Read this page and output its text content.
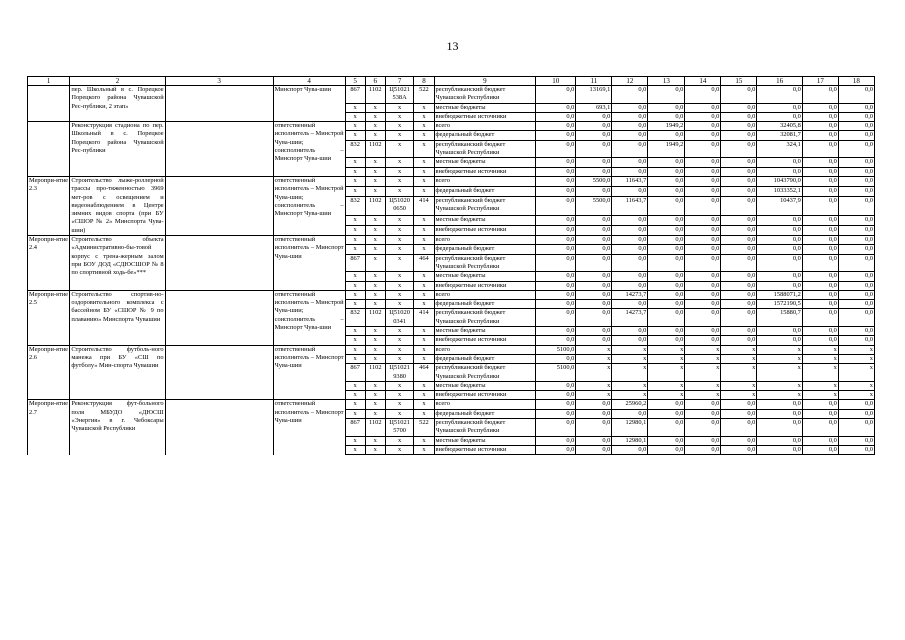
13
1	2	3	4	5	6	7	8	9	10	11	12	13	14	15	16	17	18
	пер. Школьный в с. Порецкое Порецкого района Чувашской Рес-публики, 2 этап»		Минспорт Чува-шии	867	1102	Ц51021 538А	522	республиканский бюджет Чувашской Республики	0,0	13169,1	0,0	0,0	0,0	0,0	0,0	0,0	0,0
				x	x	x	x	местные бюджеты	0,0	693,1	0,0	0,0	0,0	0,0	0,0	0,0	0,0
				x	x	x	x	внебюджетные источники	0,0	0,0	0,0	0,0	0,0	0,0	0,0	0,0	0,0
	Реконструкция стадиона по пер. Школьный в с. Порецкое Порецкого района Чувашской Рес-публики		ответственный исполнитель – Минстрой Чува-шии; соисполнитель – Минспорт Чува-шии	x	x	x	x	всего	0,0	0,0	0,0	1949,2	0,0	0,0	32405,8	0,0	0,0
				x	x	x	x	федеральный бюджет	0,0	0,0	0,0	0,0	0,0	0,0	32081,7	0,0	0,0
				832	1102	x	x	республиканский бюджет Чувашской Республики	0,0	0,0	0,0	1949,2	0,0	0,0	324,1	0,0	0,0
				x	x	x	x	местные бюджеты	0,0	0,0	0,0	0,0	0,0	0,0	0,0	0,0	0,0
				x	x	x	x	внебюджетные источники	0,0	0,0	0,0	0,0	0,0	0,0	0,0	0,0	0,0
Меропри-ятие 2.3	Строительство лыже-роллерной трассы про-тяженностью 3969 мет-ров с освещением и видеонаблюдением в Центре зимних видов спорта (при БУ «СШОР № 2» Минспорта Чува-шии)		ответственный исполнитель – Минстрой Чува-шии; соисполнитель – Минспорт Чува-шии	x	x	x	x	всего	0,0	5500,0	11643,7	0,0	0,0	0,0	1043790,0	0,0	0,0
				x	x	x	x	федеральный бюджет	0,0	0,0	0,0	0,0	0,0	0,0	1033352,1	0,0	0,0
				832	1102	Ц51020 0650	414	республиканский бюджет Чувашской Республики	0,0	5500,0	11643,7	0,0	0,0	0,0	10437,9	0,0	0,0
				x	x	x	x	местные бюджеты	0,0	0,0	0,0	0,0	0,0	0,0	0,0	0,0	0,0
				x	x	x	x	внебюджетные источники	0,0	0,0	0,0	0,0	0,0	0,0	0,0	0,0	0,0
Меропри-ятие 2.4	Строительство объекта «Административно-бы-товой корпус с трена-жерным залом при БОУ ДОД «СДЮСШОР № 8 по спортивной ходь-бе»***		ответственный исполнитель – Минспорт Чува-шии	x	x	x	x	всего	0,0	0,0	0,0	0,0	0,0	0,0	0,0	0,0	0,0
				x	x	x	x	федеральный бюджет	0,0	0,0	0,0	0,0	0,0	0,0	0,0	0,0	0,0
				867	x	x	464	республиканский бюджет Чувашской Республики	0,0	0,0	0,0	0,0	0,0	0,0	0,0	0,0	0,0
				x	x	x	x	местные бюджеты	0,0	0,0	0,0	0,0	0,0	0,0	0,0	0,0	0,0
				x	x	x	x	внебюджетные источники	0,0	0,0	0,0	0,0	0,0	0,0	0,0	0,0	0,0
Меропри-ятие 2.5	Строительство спортив-но-оздоровительного комплекса с бассейном БУ «СШОР № 9 по плаванию» Минспорта Чувашии		ответственный исполнитель – Минстрой Чува-шии; соисполнитель – Минспорт Чува-шии	x	x	x	x	всего	0,0	0,0	14273,7	0,0	0,0	0,0	1588071,2	0,0	0,0
				x	x	x	x	федеральный бюджет	0,0	0,0	0,0	0,0	0,0	0,0	1572190,5	0,0	0,0
				832	1102	Ц51020 0341	414	республиканский бюджет Чувашской Республики	0,0	0,0	14273,7	0,0	0,0	0,0	15880,7	0,0	0,0
				x	x	x	x	местные бюджеты	0,0	0,0	0,0	0,0	0,0	0,0	0,0	0,0	0,0
				x	x	x	x	внебюджетные источники	0,0	0,0	0,0	0,0	0,0	0,0	0,0	0,0	0,0
Меропри-ятие 2.6	Строительство футболь-ного манежа при БУ «СШ по футболу» Мин-спорта Чувашии		ответственный исполнитель – Минспорт Чува-шии	x	x	x	x	всего	5100,0	x	x	x	x	x	x	x	x
				x	x	x	x	федеральный бюджет	0,0	x	x	x	x	x	x	x	x
				867	1102	Ц51021 9380	464	республиканский бюджет Чувашской Республики	5100,0	x	x	x	x	x	x	x	x
				x	x	x	x	местные бюджеты	0,0	x	x	x	x	x	x	x	x
				x	x	x	x	внебюджетные источники	0,0	x	x	x	x	x	x	x	x
Меропри-ятие 2.7	Реконструкция фут-больного поля МБУДО «ДЮСШ «Энергия» в г. Чебоксары Чувашской Республики		ответственный исполнитель – Минспорт Чува-шии	x	x	x	x	всего	0,0	0,0	25960,2	0,0	0,0	0,0	0,0	0,0	0,0
				x	x	x	x	федеральный бюджет	0,0	0,0	0,0	0,0	0,0	0,0	0,0	0,0	0,0
				867	1102	Ц51021 5700	522	республиканский бюджет Чувашской Республики	0,0	0,0	12980,1	0,0	0,0	0,0	0,0	0,0	0,0
				x	x	x	x	местные бюджеты	0,0	0,0	12980,1	0,0	0,0	0,0	0,0	0,0	0,0
				x	x	x	x	внебюджетные источники	0,0	0,0	0,0	0,0	0,0	0,0	0,0	0,0	0,0
